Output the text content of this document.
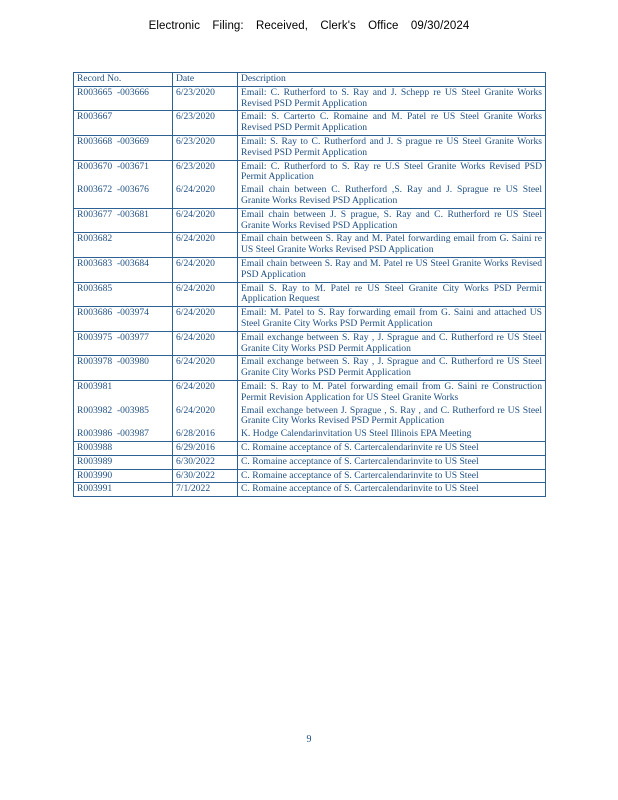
Electronic Filing: Received, Clerk's Office 09/30/2024
Record No.	Date	Description
R003665  -003666	6/23/2020	Email: C. Rutherford to S. Ray and J. Schepp re US Steel Granite Works Revised PSD Permit Application
R003667	6/23/2020	Email: S. Carterto C. Romaine and M. Patel re US Steel Granite Works Revised PSD Permit Application
R003668  -003669	6/23/2020	Email: S. Ray to C. Rutherford and J. S prague re US Steel Granite Works Revised PSD Permit Application
R003670  -003671	6/23/2020	Email: C. Rutherford to S. Ray re U.S Steel Granite Works Revised PSD Permit Application
R003672  -003676	6/24/2020	Email chain between C. Rutherford ,S. Ray and J. Sprague re US Steel Granite Works Revised PSD Application
R003677  -003681	6/24/2020	Email chain between J. S prague, S. Ray and C. Rutherford re US Steel Granite Works Revised PSD Application
R003682	6/24/2020	Email chain between S. Ray and M. Patel forwarding email from G. Saini re US Steel Granite Works Revised PSD Application
R003683  -003684	6/24/2020	Email chain between S. Ray and M. Patel re US Steel Granite Works Revised PSD Application
R003685	6/24/2020	Email S. Ray to M. Patel re US Steel Granite City Works PSD Permit Application Request
R003686  -003974	6/24/2020	Email: M. Patel to S. Ray forwarding email from G. Saini and attached US Steel Granite City Works PSD Permit Application
R003975  -003977	6/24/2020	Email exchange between S. Ray , J. Sprague and C. Rutherford re US Steel Granite City Works PSD Permit Application
R003978  -003980	6/24/2020	Email exchange between S. Ray , J. Sprague and C. Rutherford re US Steel Granite City Works PSD Permit Application
R003981	6/24/2020	Email: S. Ray to M. Patel forwarding email from G. Saini re Construction Permit Revision Application for US Steel Granite Works
R003982  -003985	6/24/2020	Email exchange between J. Sprague , S. Ray , and C. Rutherford re US Steel Granite City Works Revised PSD Permit Application
R003986  -003987	6/28/2016	K. Hodge Calendarinvitation US Steel Illinois EPA Meeting
R003988	6/29/2016	C. Romaine acceptance of S. Cartercalendarinvite re US Steel
R003989	6/30/2022	C. Romaine acceptance of S. Cartercalendarinvite to US Steel
R003990	6/30/2022	C. Romaine acceptance of S. Cartercalendarinvite to US Steel
R003991	7/1/2022	C. Romaine acceptance of S. Cartercalendarinvite to US Steel
9
